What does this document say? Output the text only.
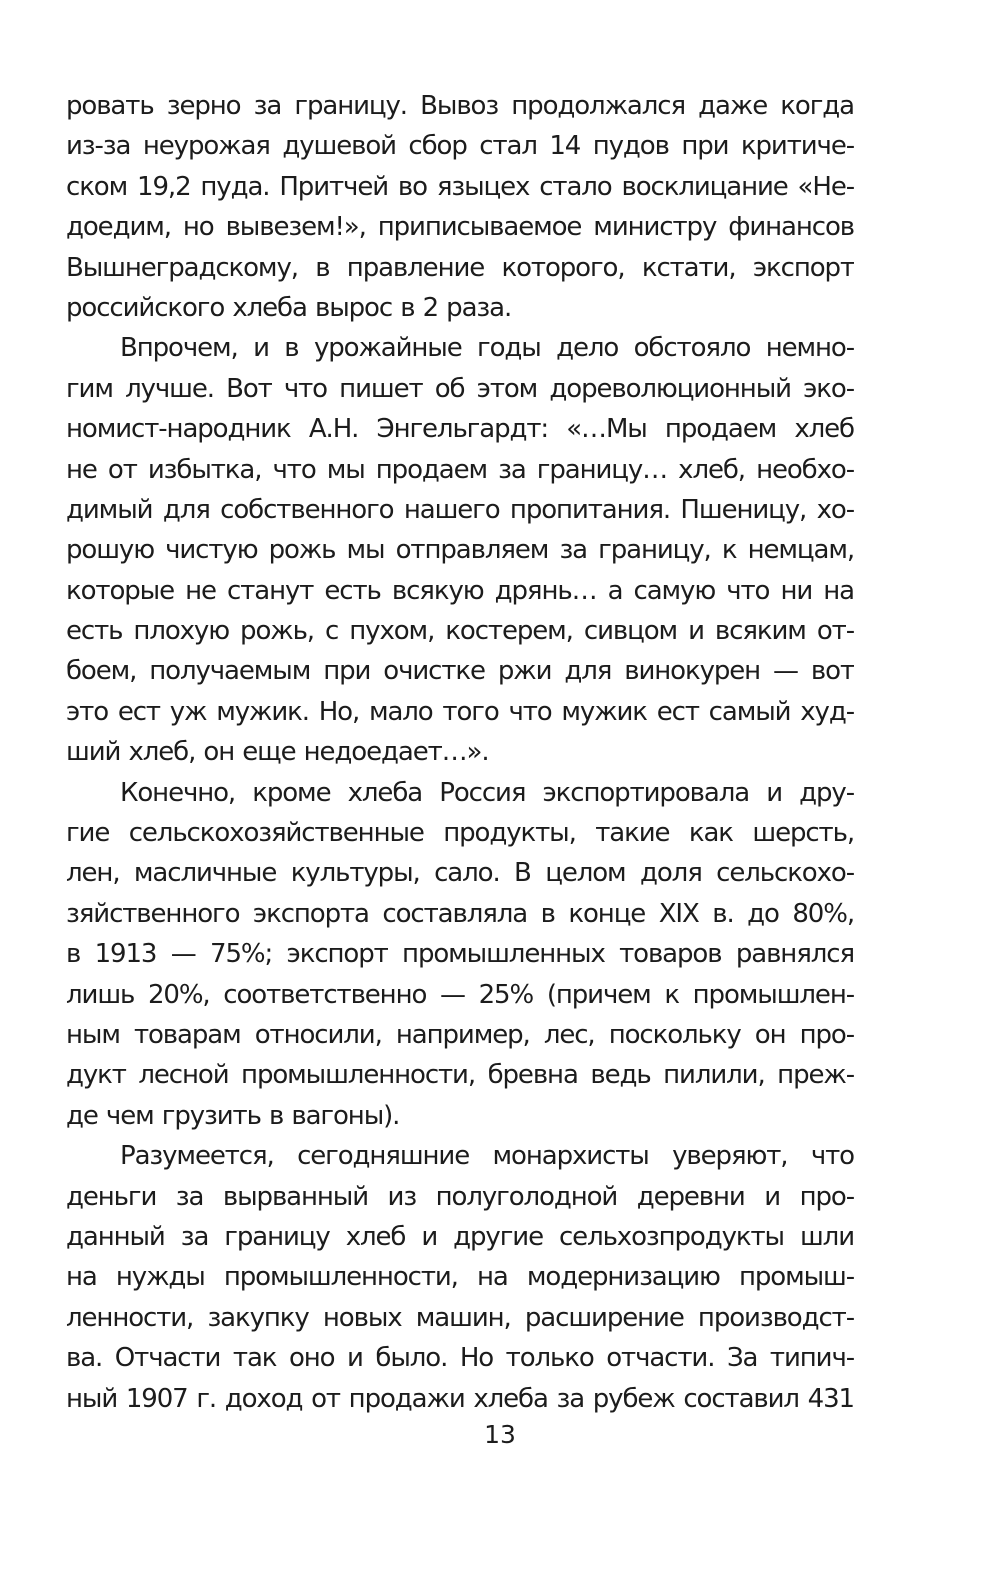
ровать зерно за границу. Вывоз продолжался даже когда
из-за неурожая душевой сбор стал 14 пудов при критиче-
ском 19,2 пуда. Притчей во языцех стало восклицание «Не-
доедим, но вывезем!», приписываемое министру финансов
Вышнеградскому, в правление которого, кстати, экспорт
российского хлеба вырос в 2 раза.
Впрочем, и в урожайные годы дело обстояло немно-
гим лучше. Вот что пишет об этом дореволюционный эко-
номист-народник А.Н. Энгельгардт: «…Мы продаем хлеб
не от избытка, что мы продаем за границу… хлеб, необхо-
димый для собственного нашего пропитания. Пшеницу, хо-
рошую чистую рожь мы отправляем за границу, к немцам,
которые не станут есть всякую дрянь… а самую что ни на
есть плохую рожь, с пухом, костерем, сивцом и всяким от-
боем, получаемым при очистке ржи для винокурен — вот
это ест уж мужик. Но, мало того что мужик ест самый худ-
ший хлеб, он еще недоедает…».
Конечно, кроме хлеба Россия экспортировала и дру-
гие сельскохозяйственные продукты, такие как шерсть,
лен, масличные культуры, сало. В целом доля сельскохо-
зяйственного экспорта составляла в конце XIX в. до 80%,
в 1913 — 75%; экспорт промышленных товаров равнялся
лишь 20%, соответственно — 25% (причем к промышлен-
ным товарам относили, например, лес, поскольку он про-
дукт лесной промышленности, бревна ведь пилили, преж-
де чем грузить в вагоны).
Разумеется, сегодняшние монархисты уверяют, что
деньги за вырванный из полуголодной деревни и про-
данный за границу хлеб и другие сельхозпродукты шли
на нужды промышленности, на модернизацию промыш-
ленности, закупку новых машин, расширение производст-
ва. Отчасти так оно и было. Но только отчасти. За типич-
ный 1907 г. доход от продажи хлеба за рубеж составил 431
13
